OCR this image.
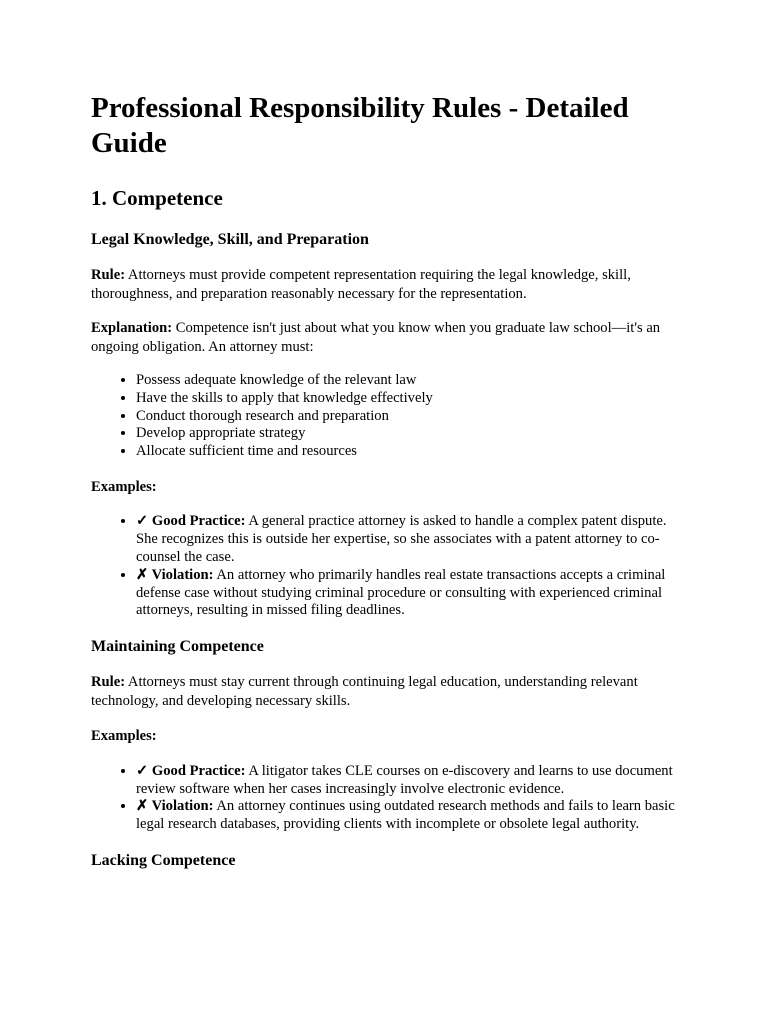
Professional Responsibility Rules - Detailed Guide
1. Competence
Legal Knowledge, Skill, and Preparation

Rule: Attorneys must provide competent representation requiring the legal knowledge, skill, thoroughness, and preparation reasonably necessary for the representation.

Explanation: Competence isn't just about what you know when you graduate law school—it's an ongoing obligation. An attorney must:

• Possess adequate knowledge of the relevant law
• Have the skills to apply that knowledge effectively
• Conduct thorough research and preparation
• Develop appropriate strategy
• Allocate sufficient time and resources

Examples:

• ✓ Good Practice: A general practice attorney is asked to handle a complex patent dispute. She recognizes this is outside her expertise, so she associates with a patent attorney to co-counsel the case.
• ✗ Violation: An attorney who primarily handles real estate transactions accepts a criminal defense case without studying criminal procedure or consulting with experienced criminal attorneys, resulting in missed filing deadlines.
Maintaining Competence

Rule: Attorneys must stay current through continuing legal education, understanding relevant technology, and developing necessary skills.

Examples:

• ✓ Good Practice: A litigator takes CLE courses on e-discovery and learns to use document review software when her cases increasingly involve electronic evidence.
• ✗ Violation: An attorney continues using outdated research methods and fails to learn basic legal research databases, providing clients with incomplete or obsolete legal authority.
Lacking Competence
